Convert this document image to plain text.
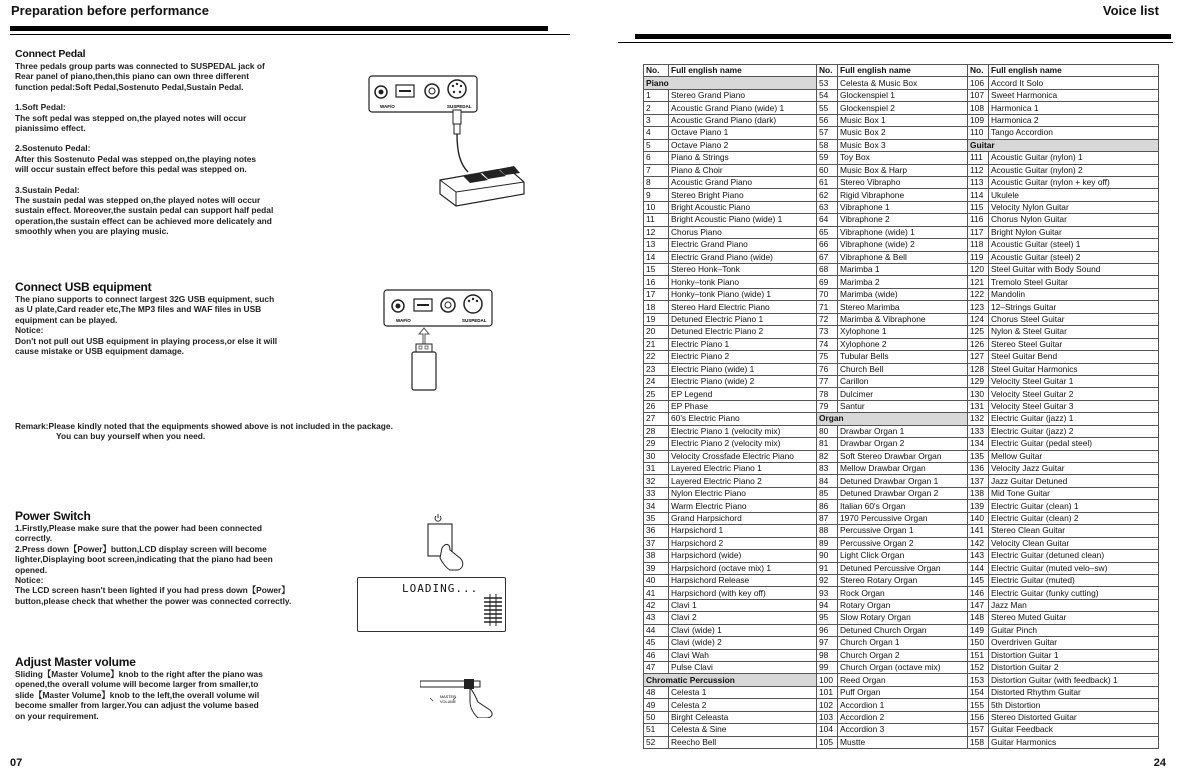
Preparation before performance	Voice list
Connect Pedal

Three pedals group parts was connected to SUSPEDAL jack of

Rear panel of piano,then,this piano can own three different

function pedal:Soft Pedal,Sostenuto Pedal,Sustain Pedal.

1.Soft Pedal:

The soft pedal was stepped on,the played notes will occur

pianissimo effect.

2.Sostenuto Pedal:

After this Sostenuto Pedal was stepped on,the playing notes

will occur sustain effect before this pedal was stepped on.

3.Sustain Pedal:

The sustain pedal was stepped on,the played notes will occur

sustain effect. Moreover,the sustain pedal can support half pedal

operation,the sustain effect can be achieved more delicately and

smoothly when you are playing music.

WAF/O	SUSPEDAL
Connect USB equipment

The piano supports to connect largest 32G USB equipment, such

as U plate,Card reader etc,The MP3 files and WAF files in USB

equipment can be played.

Notice:

Don't not pull out USB equipment in playing process,or else it will

cause mistake or USB equipment damage.

WAF/O	SUSPEDAL

Remark:Please kindly noted that the equipments showed above is not included in the package.

You can buy yourself when you need.

Power Switch

1.Firstly,Please make sure that the power had been connected

correctly.

2.Press down【Power】button,LCD display screen will become

lighter,Displaying boot screen,indicating that the piano had been

opened.

Notice:

The LCD screen hasn't been lighted if you had press down【Power】

button,please check that whether the power was connected correctly.

LOADING...
Adjust Master volume

Sliding【Master Volume】knob to the right after the piano was

opened,the overall volume will become larger from smaller,to

slide【Master Volume】knob to the left,the overall volume wil

become smaller from larger.You can adjust the volume based

on your requirement.

MASTER
VOLUME
07	24
No.	Full english name	No.	Full english name	No.	Full english name
Piano		53	Celesta & Music Box	106	Accord It Solo
1	Stereo Grand Piano	54	Glockenspiel 1	107	Sweet Harmonica
2	Acoustic Grand Piano (wide) 1	55	Glockenspiel 2	108	Harmonica 1
3	Acoustic Grand Piano (dark)	56	Music Box 1	109	Harmonica 2
4	Octave Piano 1	57	Music Box 2	110	Tango Accordion
5	Octave Piano 2	58	Music Box 3	Guitar	
6	Piano & Strings	59	Toy Box	111	Acoustic Guitar (nylon) 1
7	Piano & Choir	60	Music Box & Harp	112	Acoustic Guitar (nylon) 2
8	Acoustic Grand Piano	61	Stereo Vibrapho	113	Acoustic Guitar (nylon + key off)
9	Stereo Bright Piano	62	Rigid Vibraphone	114	Ukulele
10	Bright Acoustic Piano	63	Vibraphone 1	115	Velocity Nylon Guitar
11	Bright Acoustic Piano (wide) 1	64	Vibraphone 2	116	Chorus Nylon Guitar
12	Chorus Piano	65	Vibraphone (wide) 1	117	Bright Nylon Guitar
13	Electric Grand Piano	66	Vibraphone (wide) 2	118	Acoustic Guitar (steel) 1
14	Electric Grand Piano (wide)	67	Vibraphone & Bell	119	Acoustic Guitar (steel) 2
15	Stereo Honk–Tonk	68	Marimba 1	120	Steel Guitar with Body Sound
16	Honky–tonk Piano	69	Marimba 2	121	Tremolo Steel Guitar
17	Honky–tonk Piano (wide) 1	70	Marimba (wide)	122	Mandolin
18	Stereo Hard Electric Piano	71	Stereo Marimba	123	12–Strings Guitar
19	Detuned Electric Piano 1	72	Marimba & Vibraphone	124	Chorus Steel Guitar
20	Detuned Electric Piano 2	73	Xylophone 1	125	Nylon & Steel Guitar
21	Electric Piano 1	74	Xylophone 2	126	Stereo Steel Guitar
22	Electric Piano 2	75	Tubular Bells	127	Steel Guitar Bend
23	Electric Piano (wide) 1	76	Church Bell	128	Steel Guitar Harmonics
24	Electric Piano (wide) 2	77	Carillon	129	Velocity Steel Guitar 1
25	EP Legend	78	Dulcimer	130	Velocity Steel Guitar 2
26	EP Phase	79	Santur	131	Velocity Steel Guitar 3
27	60's Electric Piano	Organ		132	Electric Guitar (jazz) 1
28	Electric Piano 1 (velocity mix)	80	Drawbar Organ 1	133	Electric Guitar (jazz) 2
29	Electric Piano 2 (velocity mix)	81	Drawbar Organ 2	134	Electric Guitar (pedal steel)
30	Velocity Crossfade Electric Piano	82	Soft Stereo Drawbar Organ	135	Mellow Guitar
31	Layered Electric Piano 1	83	Mellow Drawbar Organ	136	Velocity Jazz Guitar
32	Layered Electric Piano 2	84	Detuned Drawbar Organ 1	137	Jazz Guitar Detuned
33	Nylon Electric Piano	85	Detuned Drawbar Organ 2	138	Mid Tone Guitar
34	Warm Electric Piano	86	Italian 60's Organ	139	Electric Guitar (clean) 1
35	Grand Harpsichord	87	1970 Percussive Organ	140	Electric Guitar (clean) 2
36	Harpsichord 1	88	Percussive Organ 1	141	Stereo Clean Guitar
37	Harpsichord 2	89	Percussive Organ 2	142	Velocity Clean Guitar
38	Harpsichord (wide)	90	Light Click Organ	143	Electric Guitar (detuned clean)
39	Harpsichord (octave mix) 1	91	Detuned Percussive Organ	144	Electric Guitar (muted velo–sw)
40	Harpsichord Release	92	Stereo Rotary Organ	145	Electric Guitar (muted)
41	Harpsichord (with key off)	93	Rock Organ	146	Electric Guitar (funky cutting)
42	Clavi 1	94	Rotary Organ	147	Jazz Man
43	Clavi 2	95	Slow Rotary Organ	148	Stereo Muted Guitar
44	Clavi (wide) 1	96	Detuned Church Organ	149	Guitar Pinch
45	Clavi (wide) 2	97	Church Organ 1	150	Overdriven Guitar
46	Clavi Wah	98	Church Organ 2	151	Distortion Guitar 1
47	Pulse Clavi	99	Church Organ (octave mix)	152	Distortion Guitar 2
Chromatic Percussion		100	Reed Organ	153	Distortion Guitar (with feedback) 1
48	Celesta 1	101	Puff Organ	154	Distorted Rhythm Guitar
49	Celesta 2	102	Accordion 1	155	5th Distortion
50	Birght Celeasta	103	Accordion 2	156	Stereo Distorted Guitar
51	Celesta & Sine	104	Accordion 3	157	Guitar Feedback
52	Reecho Bell	105	Mustte	158	Guitar Harmonics
